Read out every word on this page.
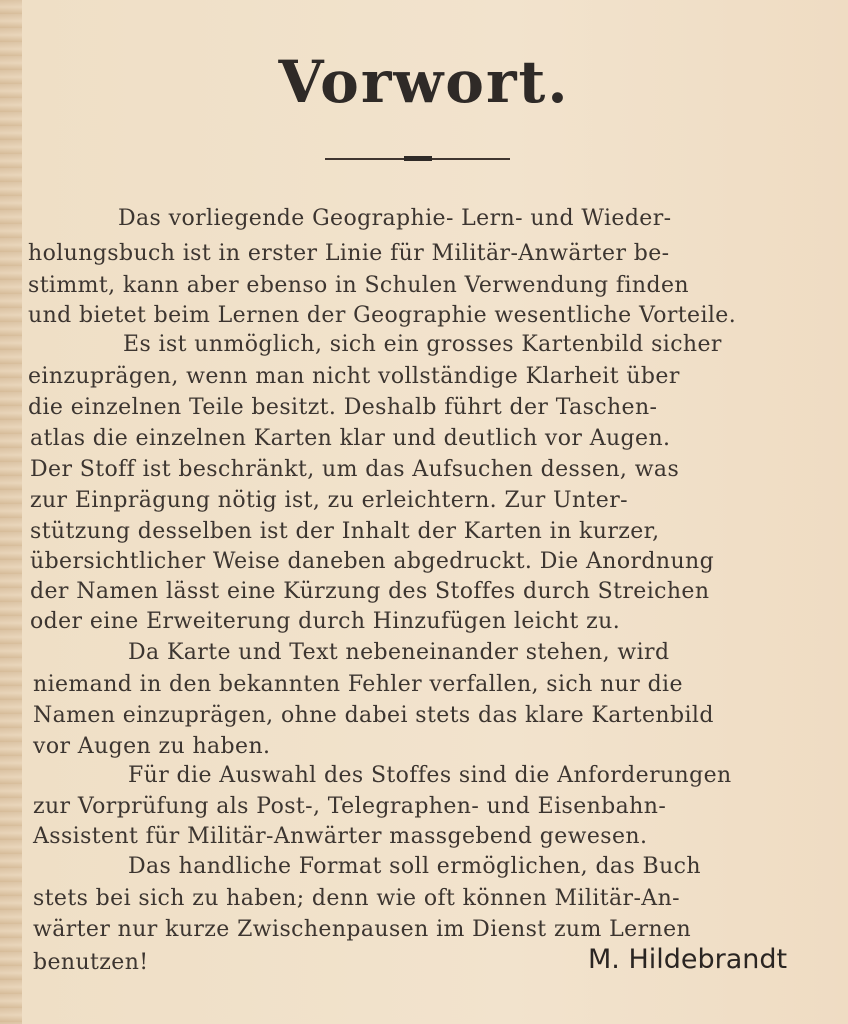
Vorwort.
Das vorliegende Geographie- Lern- und Wieder-
holungsbuch ist in erster Linie für Militär-Anwärter be-
stimmt, kann aber ebenso in Schulen Verwendung finden
und bietet beim Lernen der Geographie wesentliche Vorteile.
Es ist unmöglich, sich ein grosses Kartenbild sicher
einzuprägen, wenn man nicht vollständige Klarheit über
die einzelnen Teile besitzt. Deshalb führt der Taschen-
atlas die einzelnen Karten klar und deutlich vor Augen.
Der Stoff ist beschränkt, um das Aufsuchen dessen, was
zur Einprägung nötig ist, zu erleichtern. Zur Unter-
stützung desselben ist der Inhalt der Karten in kurzer,
übersichtlicher Weise daneben abgedruckt. Die Anordnung
der Namen lässt eine Kürzung des Stoffes durch Streichen
oder eine Erweiterung durch Hinzufügen leicht zu.
Da Karte und Text nebeneinander stehen, wird
niemand in den bekannten Fehler verfallen, sich nur die
Namen einzuprägen, ohne dabei stets das klare Kartenbild
vor Augen zu haben.
Für die Auswahl des Stoffes sind die Anforderungen
zur Vorprüfung als Post-, Telegraphen- und Eisenbahn-
Assistent für Militär-Anwärter massgebend gewesen.
Das handliche Format soll ermöglichen, das Buch
stets bei sich zu haben; denn wie oft können Militär-An-
wärter nur kurze Zwischenpausen im Dienst zum Lernen
benutzen!	M. Hildebrandt
